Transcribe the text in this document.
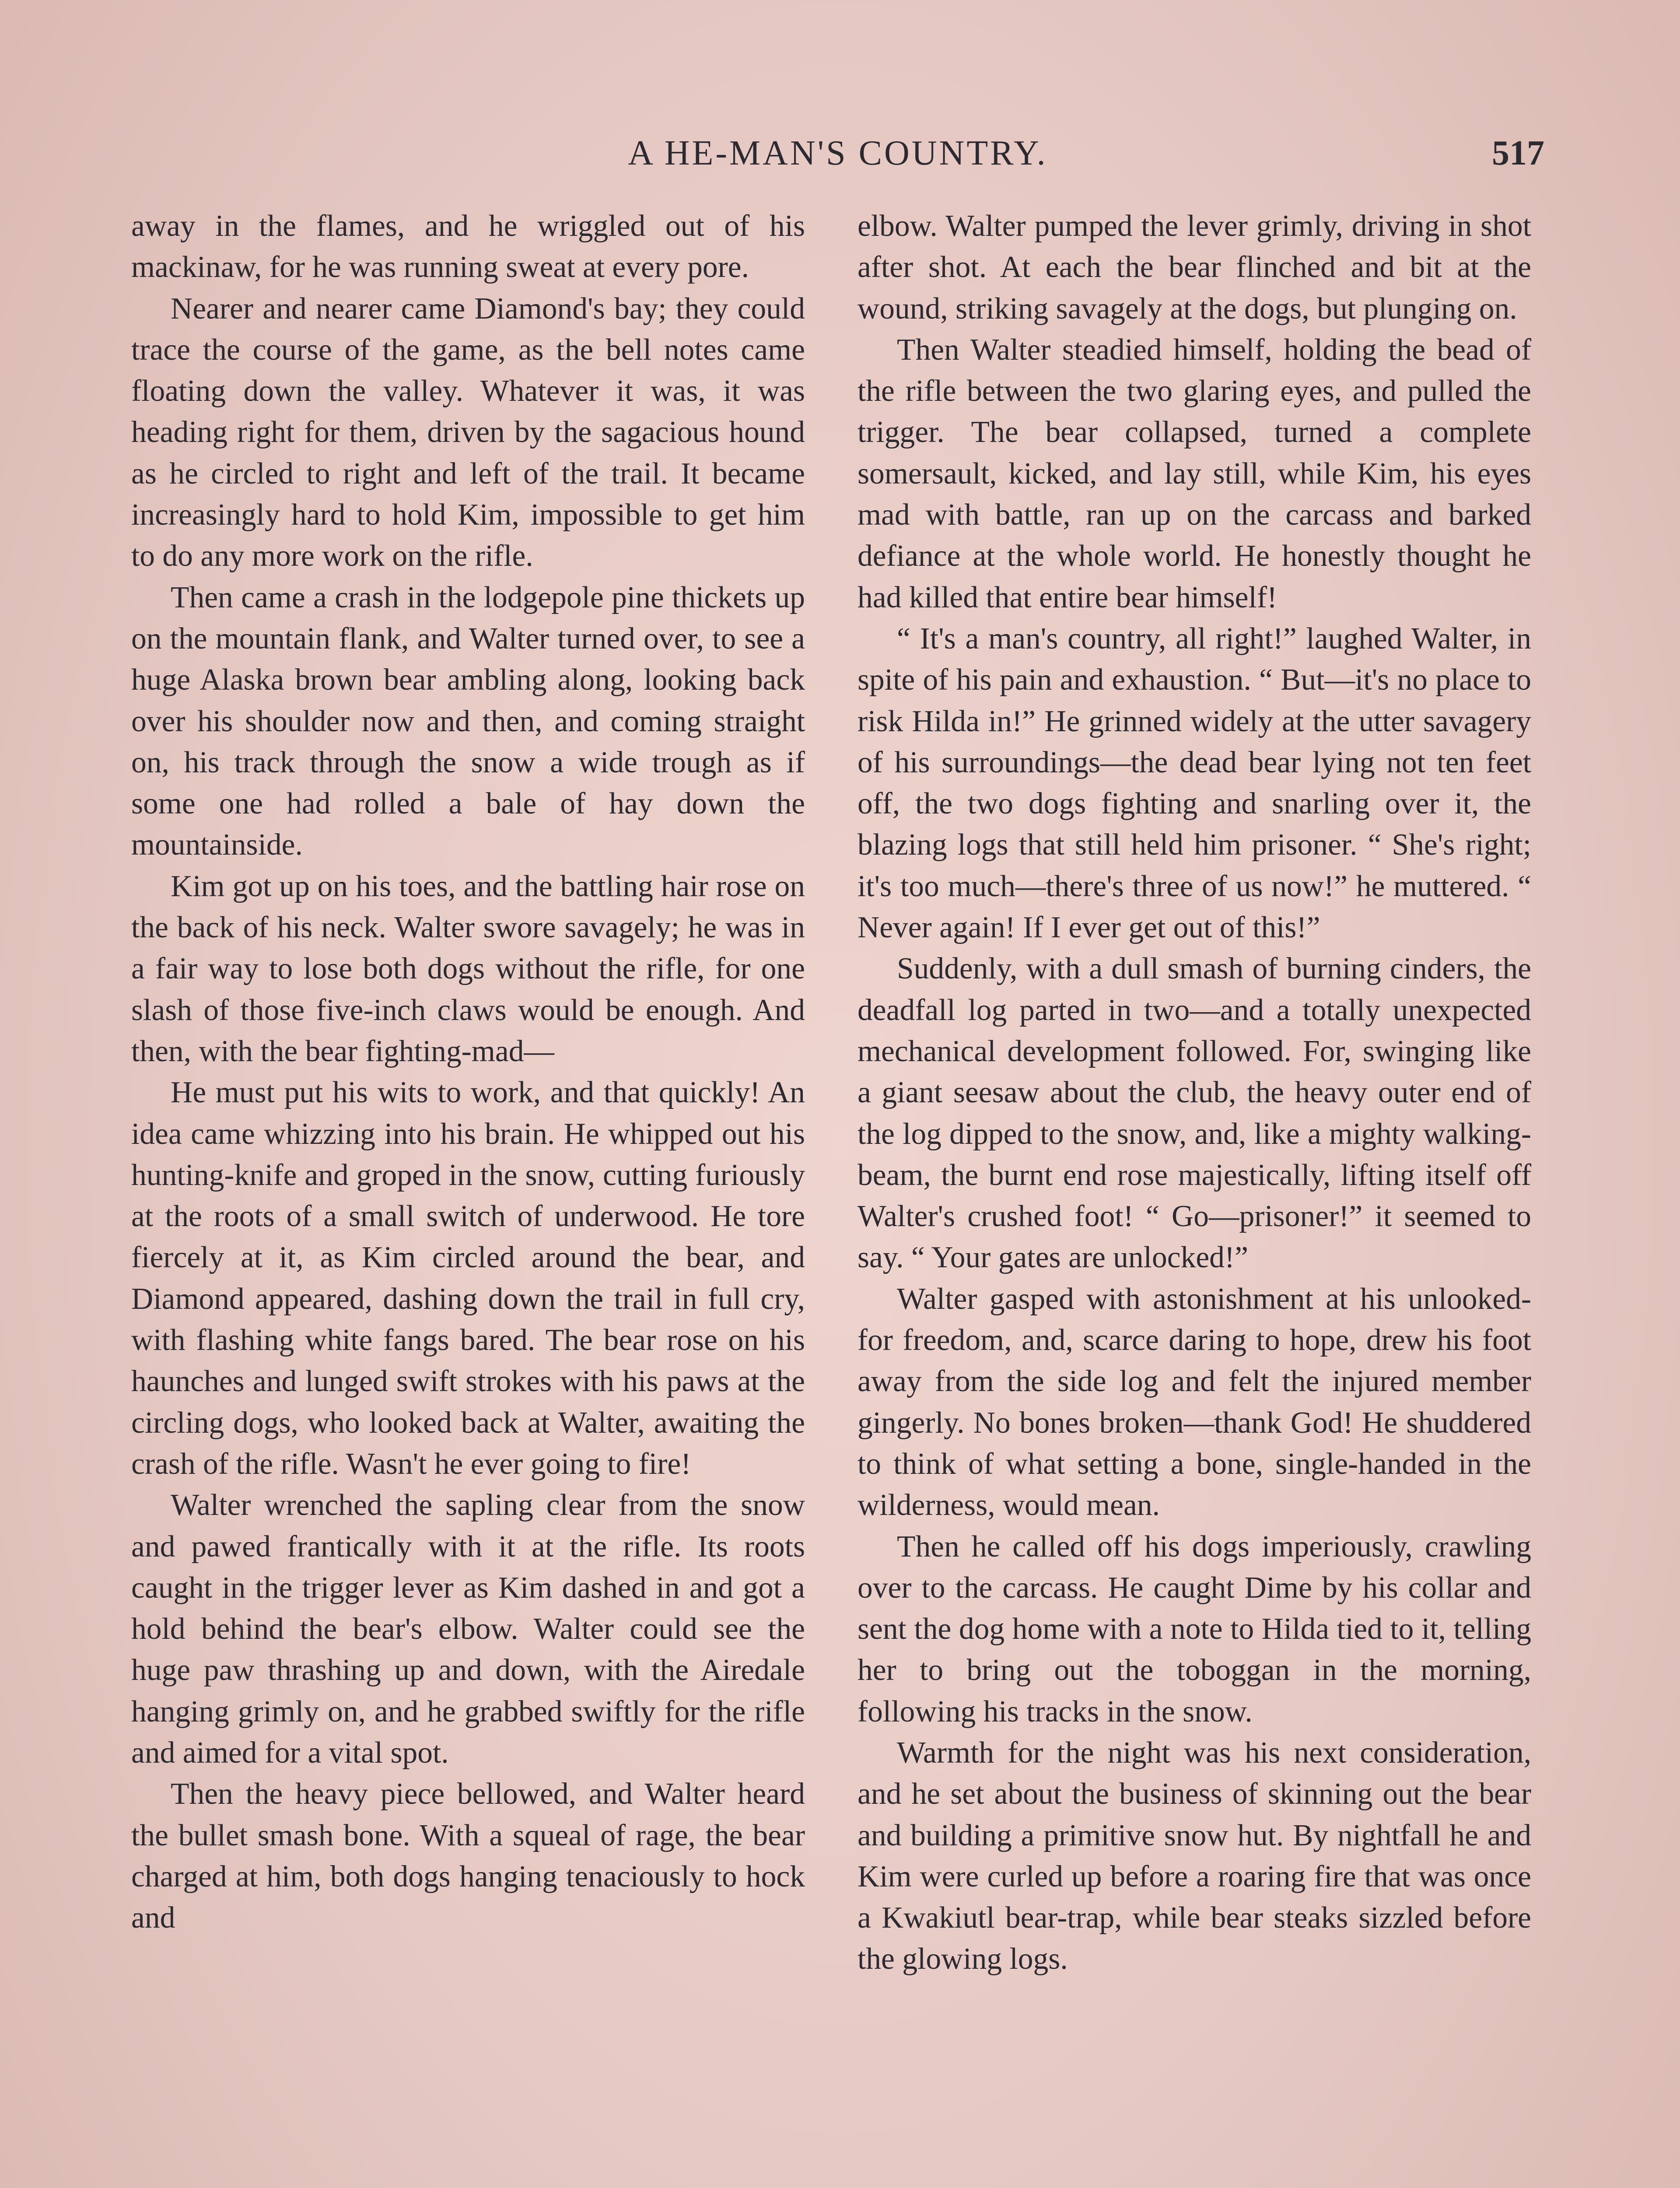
A HE-MAN'S COUNTRY.	517

away in the flames, and he wriggled out of his mackinaw, for he was running sweat at every pore.

Nearer and nearer came Diamond's bay; they could trace the course of the game, as the bell notes came floating down the valley. Whatever it was, it was heading right for them, driven by the sagacious hound as he circled to right and left of the trail. It became increasingly hard to hold Kim, impossible to get him to do any more work on the rifle.

Then came a crash in the lodgepole pine thickets up on the mountain flank, and Walter turned over, to see a huge Alaska brown bear ambling along, looking back over his shoulder now and then, and coming straight on, his track through the snow a wide trough as if some one had rolled a bale of hay down the mountainside.

Kim got up on his toes, and the battling hair rose on the back of his neck. Walter swore savagely; he was in a fair way to lose both dogs without the rifle, for one slash of those five-inch claws would be enough. And then, with the bear fighting-mad—

He must put his wits to work, and that quickly! An idea came whizzing into his brain. He whipped out his hunting-knife and groped in the snow, cutting furiously at the roots of a small switch of underwood. He tore fiercely at it, as Kim circled around the bear, and Diamond appeared, dashing down the trail in full cry, with flashing white fangs bared. The bear rose on his haunches and lunged swift strokes with his paws at the circling dogs, who looked back at Walter, awaiting the crash of the rifle. Wasn't he ever going to fire!

Walter wrenched the sapling clear from the snow and pawed frantically with it at the rifle. Its roots caught in the trigger lever as Kim dashed in and got a hold behind the bear's elbow. Walter could see the huge paw thrashing up and down, with the Airedale hanging grimly on, and he grabbed swiftly for the rifle and aimed for a vital spot.

Then the heavy piece bellowed, and Walter heard the bullet smash bone. With a squeal of rage, the bear charged at him, both dogs hanging tenaciously to hock and

elbow. Walter pumped the lever grimly, driving in shot after shot. At each the bear flinched and bit at the wound, striking savagely at the dogs, but plunging on.

Then Walter steadied himself, holding the bead of the rifle between the two glaring eyes, and pulled the trigger. The bear collapsed, turned a complete somersault, kicked, and lay still, while Kim, his eyes mad with battle, ran up on the carcass and barked defiance at the whole world. He honestly thought he had killed that entire bear himself!

“ It's a man's country, all right!” laughed Walter, in spite of his pain and exhaustion. “ But—it's no place to risk Hilda in!” He grinned widely at the utter savagery of his surroundings—the dead bear lying not ten feet off, the two dogs fighting and snarling over it, the blazing logs that still held him prisoner. “ She's right; it's too much—there's three of us now!” he muttered. “ Never again! If I ever get out of this!”

Suddenly, with a dull smash of burning cinders, the deadfall log parted in two—and a totally unexpected mechanical development followed. For, swinging like a giant seesaw about the club, the heavy outer end of the log dipped to the snow, and, like a mighty walking-beam, the burnt end rose majestically, lifting itself off Walter's crushed foot! “ Go—prisoner!” it seemed to say. “ Your gates are unlocked!”

Walter gasped with astonishment at his unlooked-for freedom, and, scarce daring to hope, drew his foot away from the side log and felt the injured member gingerly. No bones broken—thank God! He shuddered to think of what setting a bone, single-handed in the wilderness, would mean.

Then he called off his dogs imperiously, crawling over to the carcass. He caught Dime by his collar and sent the dog home with a note to Hilda tied to it, telling her to bring out the toboggan in the morning, following his tracks in the snow.

Warmth for the night was his next consideration, and he set about the business of skinning out the bear and building a primitive snow hut. By nightfall he and Kim were curled up before a roaring fire that was once a Kwakiutl bear-trap, while bear steaks sizzled before the glowing logs.
